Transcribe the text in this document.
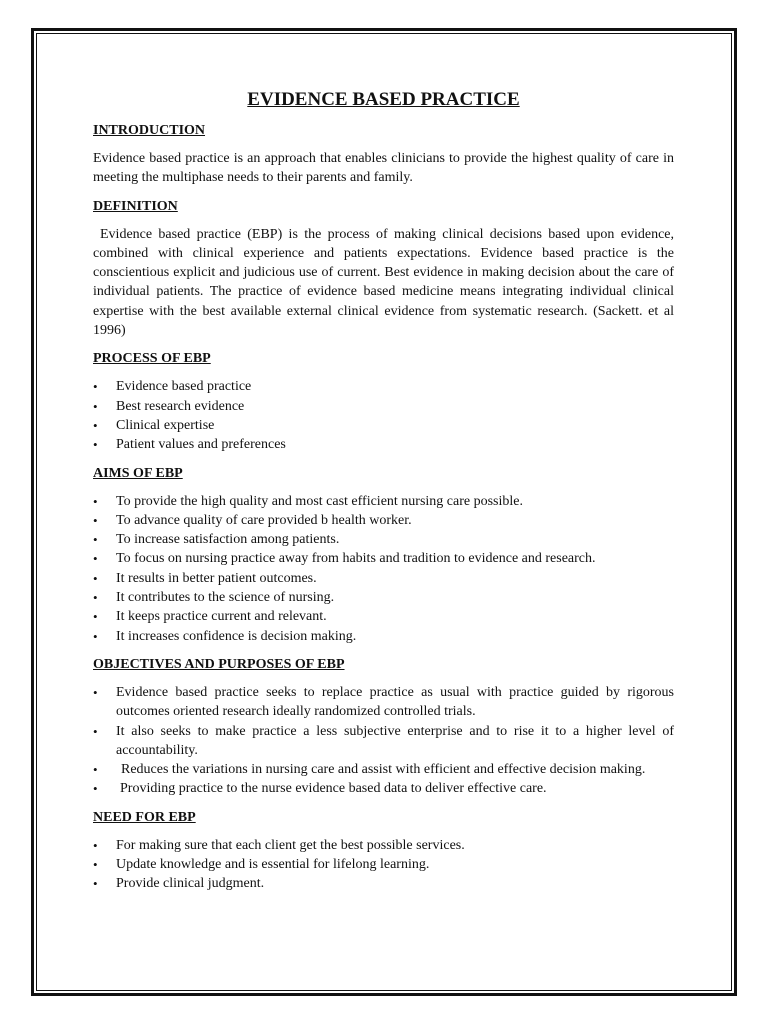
EVIDENCE BASED PRACTICE
INTRODUCTION

Evidence based practice is an approach that enables clinicians to provide the highest quality of care in meeting the multiphase needs to their parents and family.

DEFINITION

Evidence based practice (EBP) is the process of making clinical decisions based upon evidence, combined with clinical experience and patients expectations. Evidence based practice is the conscientious explicit and judicious use of current. Best evidence in making decision about the care of individual patients. The practice of evidence based medicine means integrating individual clinical expertise with the best available external clinical evidence from systematic research. (Sackett. et al 1996)

PROCESS OF EBP
•	Evidence based practice
•	Best research evidence
•	Clinical expertise
•	Patient values and preferences
AIMS OF EBP
•	To provide the high quality and most cast efficient nursing care possible.
•	To advance quality of care provided b health worker.
•	To increase satisfaction among patients.
•	To focus on nursing practice away from habits and tradition to evidence and research.
•	It results in better patient outcomes.
•	It contributes to the science of nursing.
•	It keeps practice current and relevant.
•	It increases confidence is decision making.
OBJECTIVES AND PURPOSES OF EBP
•	Evidence based practice seeks to replace practice as usual with practice guided by rigorous outcomes oriented research ideally randomized controlled trials.
•	It also seeks to make practice a less subjective enterprise and to rise it to a higher level of accountability.
•	Reduces the variations in nursing care and assist with efficient and effective decision making.
•	Providing practice to the nurse evidence based data to deliver effective care.
NEED FOR EBP
•	For making sure that each client get the best possible services.
•	Update knowledge and is essential for lifelong learning.
•	Provide clinical judgment.
